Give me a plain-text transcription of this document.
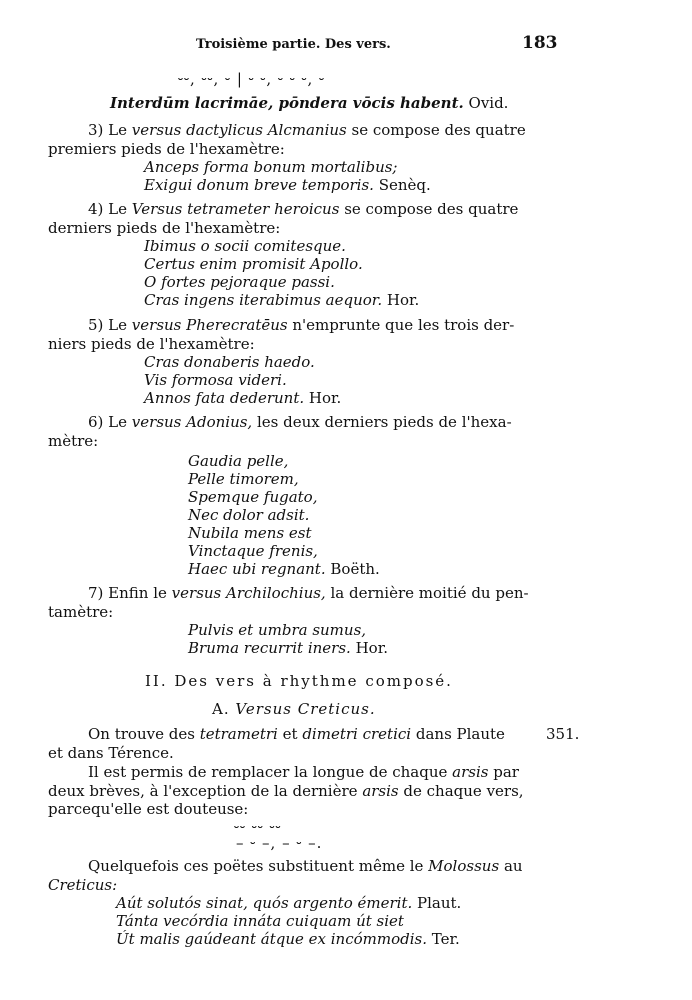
Troisième partie. Des vers.	183
⏑⏑, ⏑⏑, ⏑ | ⏑ ⏑, ⏑ ⏑ ⏑, ⏑
Interdūm lacrimāe, pōndera vōcis habent. Ovid.
3) Le versus dactylicus Alcmanius se compose des quatre
premiers pieds de l'hexamètre:
Anceps forma bonum mortalibus;
Exigui donum breve temporis. Senèq.
4) Le Versus tetrameter heroicus se compose des quatre
derniers pieds de l'hexamètre:
Ibimus o socii comitesque.
Certus enim promisit Apollo.
O fortes pejoraque passi.
Cras ingens iterabimus aequor. Hor.
5) Le versus Pherecratēus n'emprunte que les trois der-
niers pieds de l'hexamètre:
Cras donaberis haedo.
Vis formosa videri.
Annos fata dederunt. Hor.
6) Le versus Adonius, les deux derniers pieds de l'hexa-
mètre:
Gaudia pelle,
Pelle timorem,
Spemque fugato,
Nec dolor adsit.
Nubila mens est
Vinctaque frenis,
Haec ubi regnant. Boëth.
7) Enfin le versus Archilochius, la dernière moitié du pen-
tamètre:
Pulvis et umbra sumus,
Bruma recurrit iners. Hor.
II. Des vers à rhythme composé.
A. Versus Creticus.
On trouve des tetrametri et dimetri cretici dans Plaute	351.
et dans Térence.
Il est permis de remplacer la longue de chaque arsis par
deux brèves, à l'exception de la dernière arsis de chaque vers,
parcequ'elle est douteuse:
⏑⏑ ⏑⏑ ⏑⏑
– ⏑ –, – ⏑ –.
Quelquefois ces poëtes substituent même le Molossus au
Creticus:
Aút solutós sinat, quós argento émerit. Plaut.
Tánta vecórdia innáta cuiquam út siet
Út malis gaúdeant átque ex incómmodis. Ter.
